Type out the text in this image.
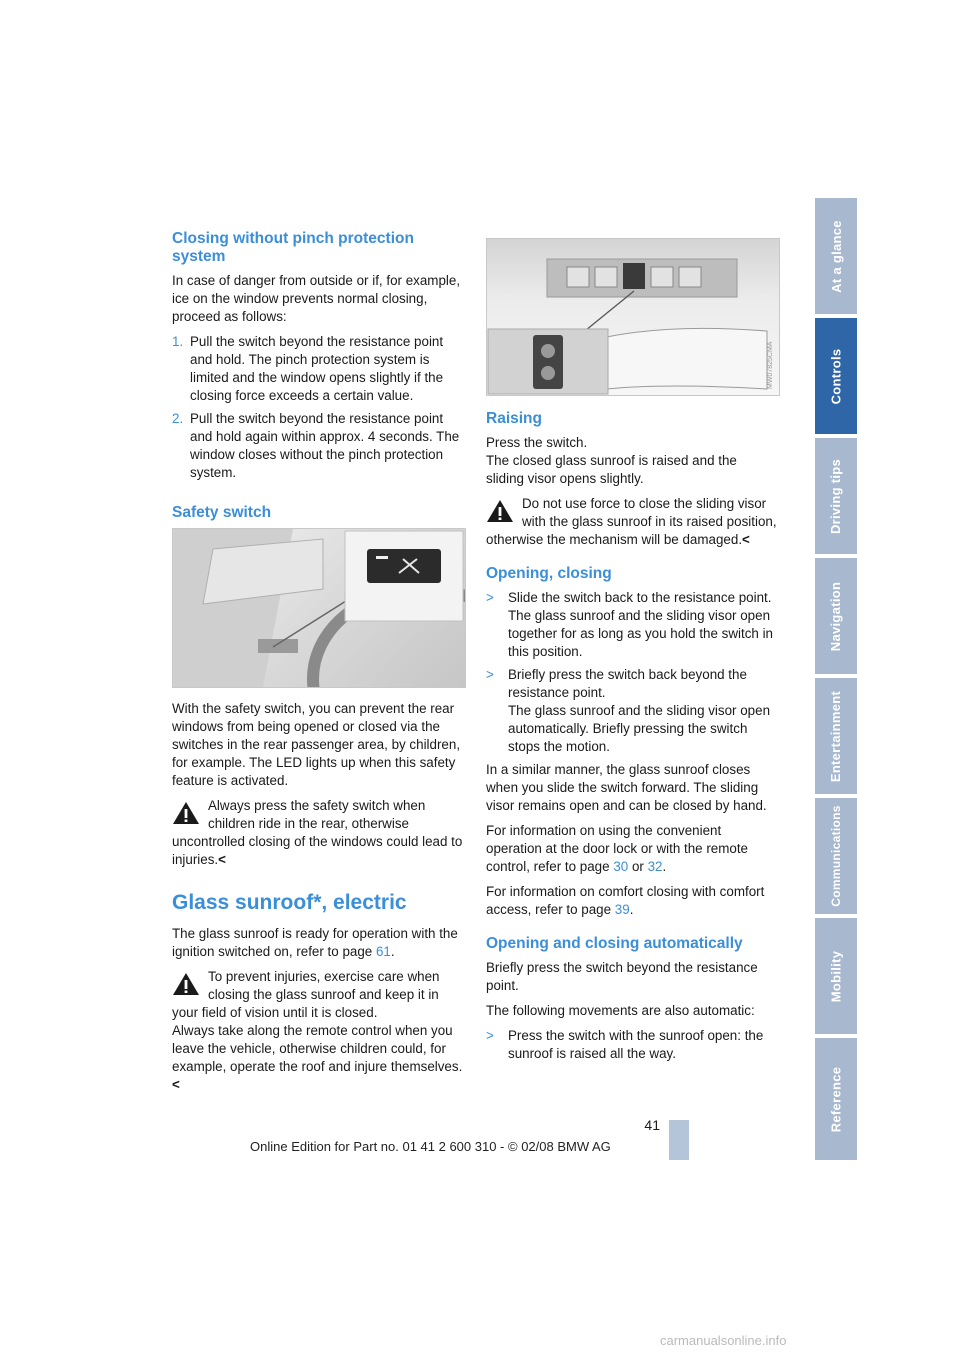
Closing without pinch protection system

In case of danger from outside or if, for example, ice on the window prevents normal closing, proceed as follows:

1. Pull the switch beyond the resistance point and hold. The pinch protection system is limited and the window opens slightly if the closing force exceeds a certain value.
2. Pull the switch beyond the resistance point and hold again within approx. 4 seconds. The window closes without the pinch protection system.
Safety switch

With the safety switch, you can prevent the rear windows from being opened or closed via the switches in the rear passenger area, by children, for example. The LED lights up when this safety feature is activated.

Always press the safety switch when children ride in the rear, otherwise uncontrolled closing of the windows could lead to injuries.<
Glass sunroof*, electric

The glass sunroof is ready for operation with the ignition switched on, refer to page 61.

To prevent injuries, exercise care when closing the glass sunroof and keep it in your field of vision until it is closed.
Always take along the remote control when you leave the vehicle, otherwise children could, for example, operate the roof and injure themselves.<
MW07825CMA
Raising

Press the switch.

The closed glass sunroof is raised and the sliding visor opens slightly.

Do not use force to close the sliding visor with the glass sunroof in its raised position, otherwise the mechanism will be damaged.<
Opening, closing
>	Slide the switch back to the resistance point.
The glass sunroof and the sliding visor open together for as long as you hold the switch in this position.
>	Briefly press the switch back beyond the resistance point.
The glass sunroof and the sliding visor open automatically. Briefly pressing the switch stops the motion.

In a similar manner, the glass sunroof closes when you slide the switch forward. The sliding visor remains open and can be closed by hand.

For information on using the convenient operation at the door lock or with the remote control, refer to page 30 or 32.

For information on comfort closing with comfort access, refer to page 39.

Opening and closing automatically

Briefly press the switch beyond the resistance point.

The following movements are also automatic:

>	Press the switch with the sunroof open: the sunroof is raised all the way.
At a glance
Controls
Driving tips
Navigation
Entertainment
Communications
Mobility
Reference
41
Online Edition for Part no. 01 41 2 600 310 - © 02/08 BMW AG
carmanualsonline.info
